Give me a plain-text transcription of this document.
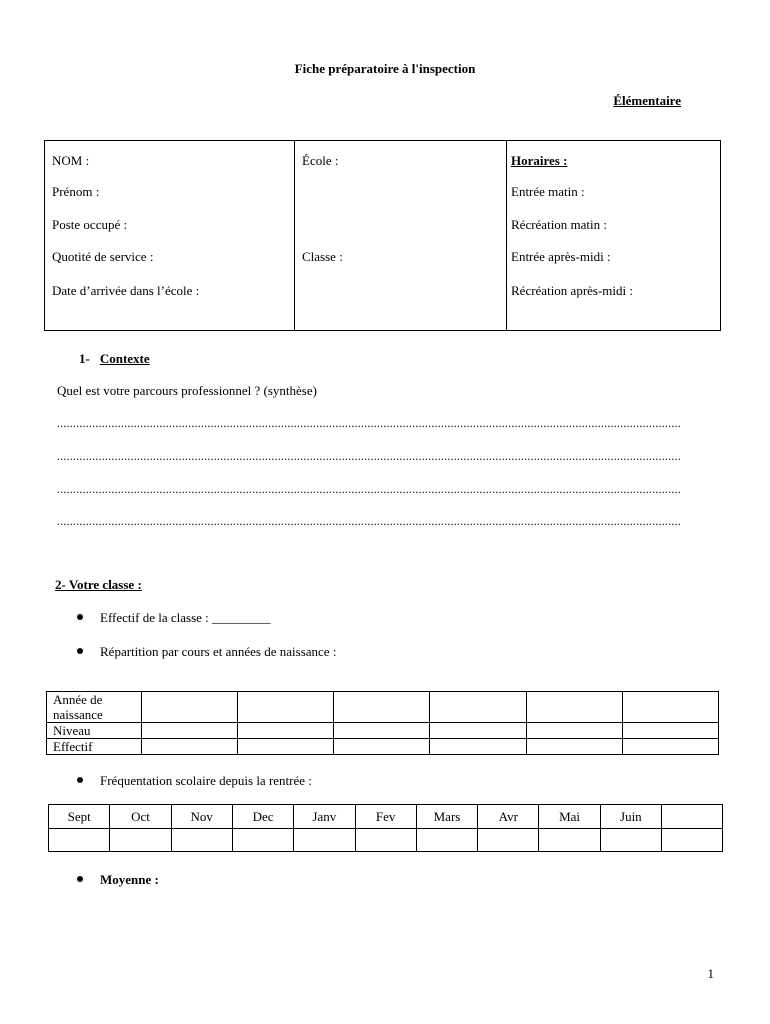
Fiche préparatoire à l'inspection
Élémentaire
NOM :
Prénom :
Poste occupé :
Quotité de service :
Date d’arrivée dans l’école :
École :
Classe :
Horaires :
Entrée matin :
Récréation matin :
Entrée après-midi :
Récréation après-midi :
1- Contexte
Quel est votre parcours professionnel ? (synthèse)
...................................................................................................................................................................................................
...................................................................................................................................................................................................
...................................................................................................................................................................................................
...................................................................................................................................................................................................
2- Votre classe :
Effectif de la classe : _________
Répartition par cours et années de naissance :
Année de naissance						
Niveau						
Effectif						
Fréquentation scolaire depuis la rentrée :
Sept	Oct	Nov	Dec	Janv	Fev	Mars	Avr	Mai	Juin	

Moyenne :
1
